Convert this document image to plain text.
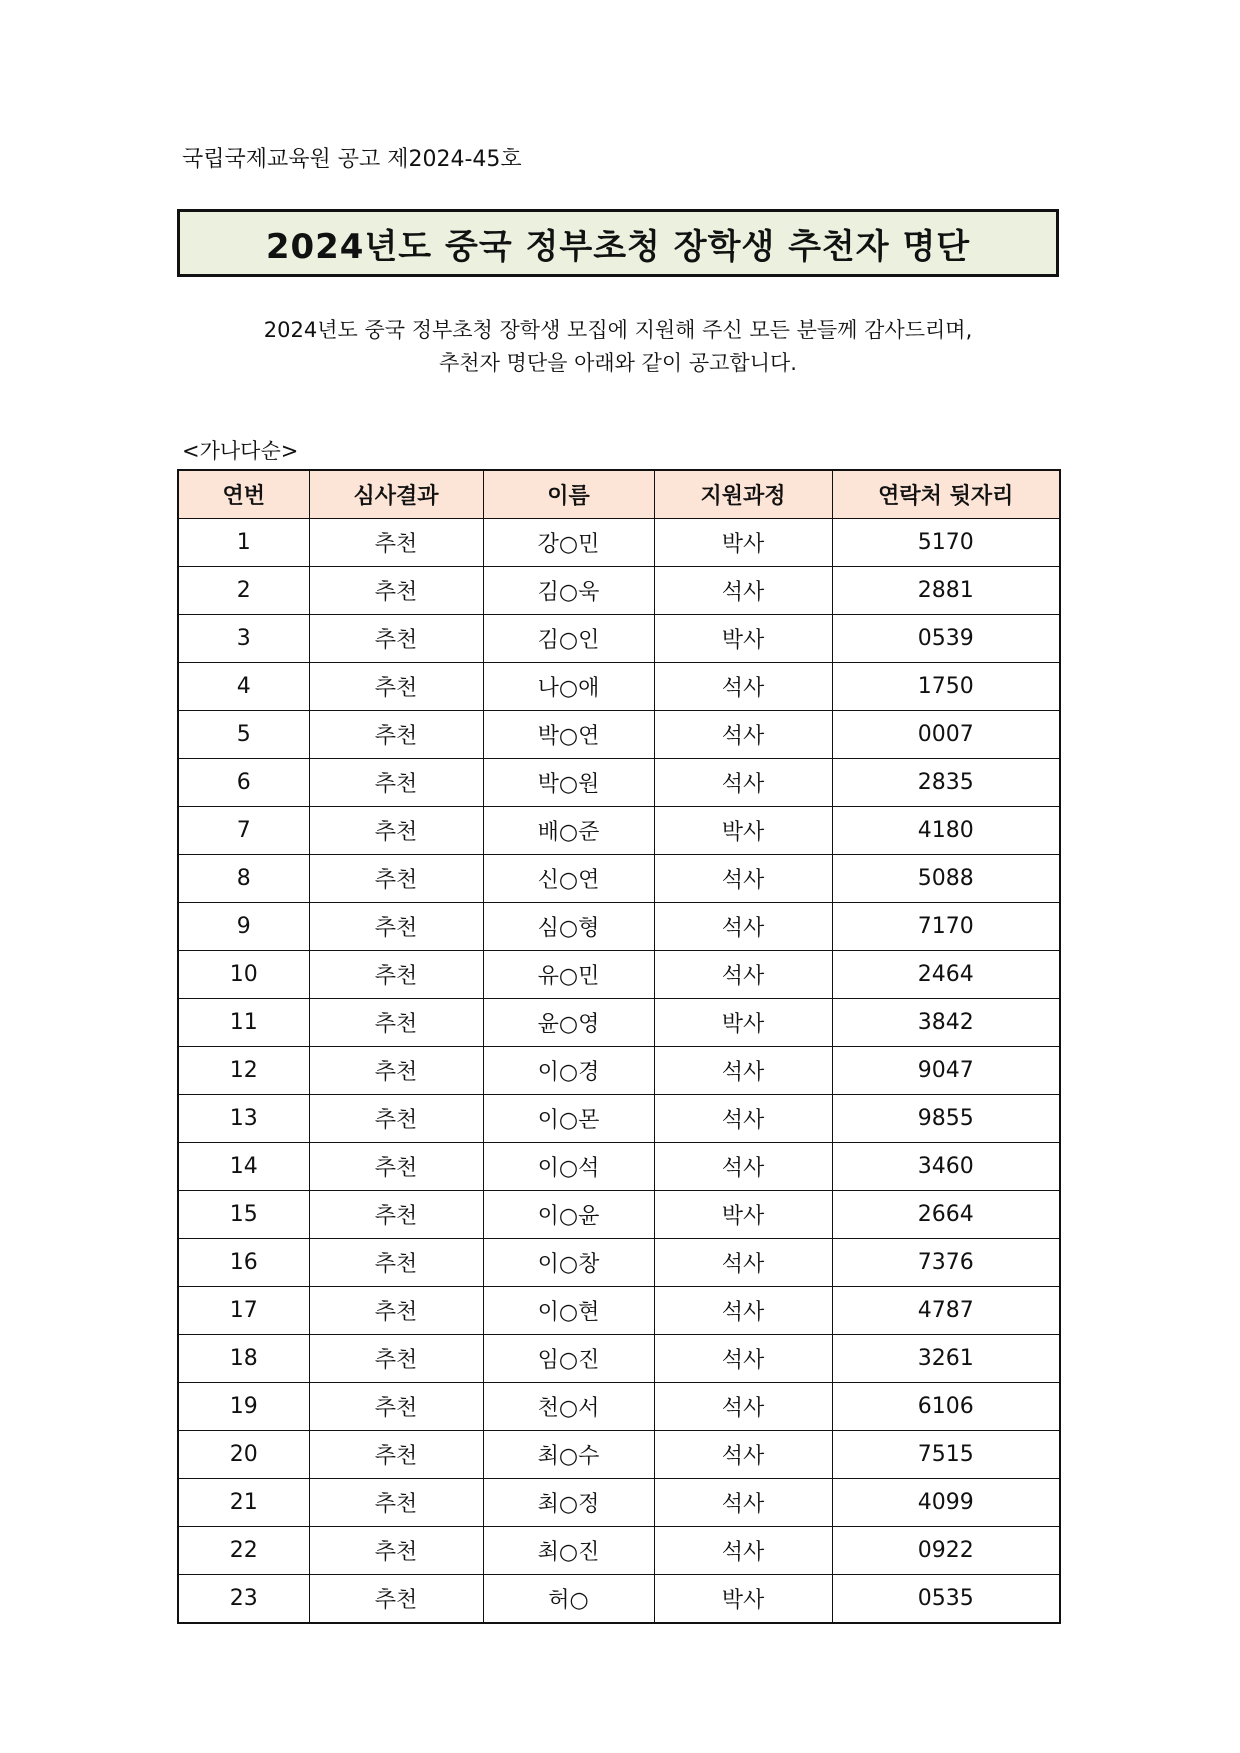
국립국제교육원 공고 제2024-45호
2024년도 중국 정부초청 장학생 추천자 명단
2024년도 중국 정부초청 장학생 모집에 지원해 주신 모든 분들께 감사드리며,
추천자 명단을 아래와 같이 공고합니다.
<가나다순>
연번	심사결과	이름	지원과정	연락처 뒷자리
1	추천	강○민	박사	5170
2	추천	김○욱	석사	2881
3	추천	김○인	박사	0539
4	추천	나○애	석사	1750
5	추천	박○연	석사	0007
6	추천	박○원	석사	2835
7	추천	배○준	박사	4180
8	추천	신○연	석사	5088
9	추천	심○형	석사	7170
10	추천	유○민	석사	2464
11	추천	윤○영	박사	3842
12	추천	이○경	석사	9047
13	추천	이○몬	석사	9855
14	추천	이○석	석사	3460
15	추천	이○윤	박사	2664
16	추천	이○창	석사	7376
17	추천	이○현	석사	4787
18	추천	임○진	석사	3261
19	추천	천○서	석사	6106
20	추천	최○수	석사	7515
21	추천	최○정	석사	4099
22	추천	최○진	석사	0922
23	추천	허○	박사	0535
